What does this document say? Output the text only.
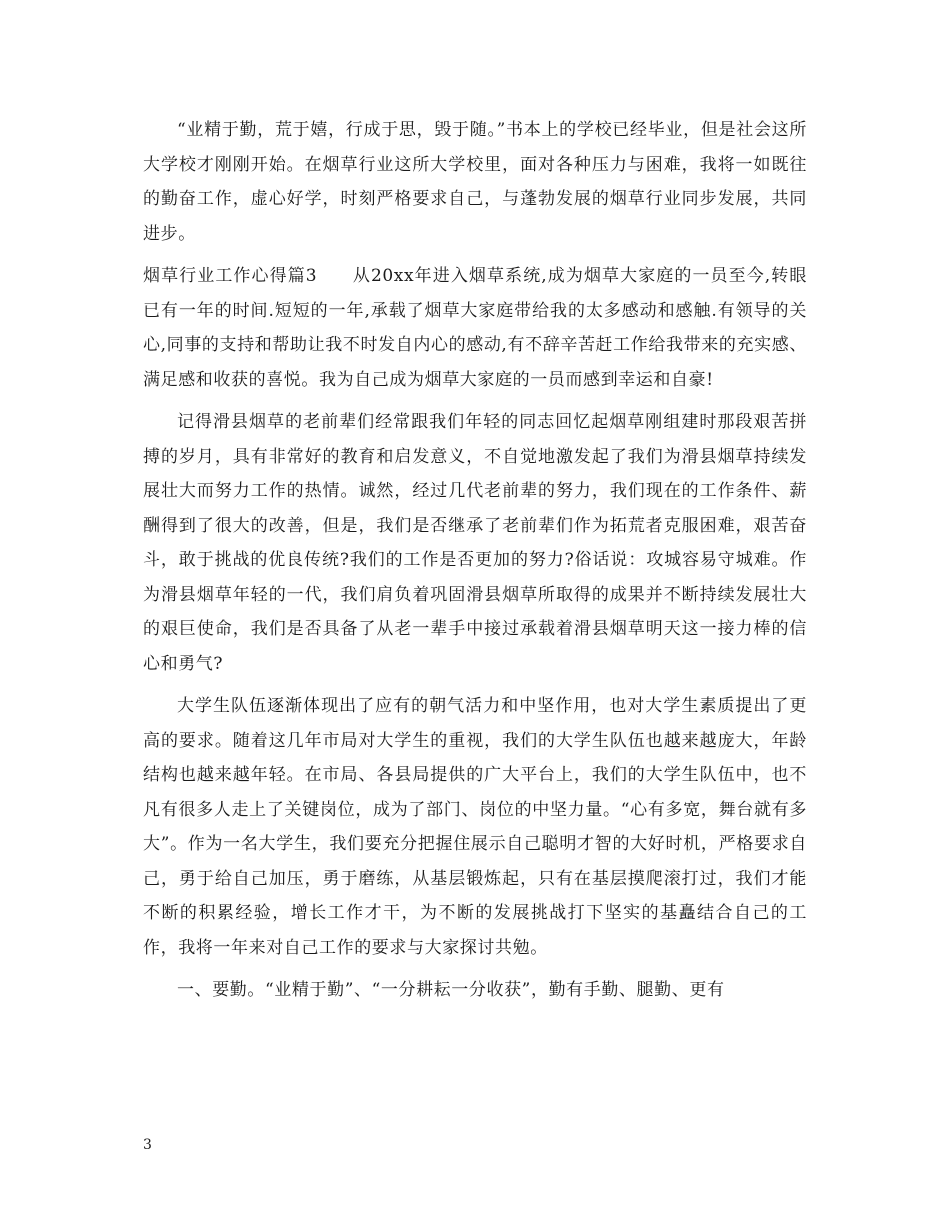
“业精于勤，荒于嬉，行成于思，毁于随。”书本上的学校已经毕业，但是社会这所大学校才刚刚开始。在烟草行业这所大学校里，面对各种压力与困难，我将一如既往的勤奋工作，虚心好学，时刻严格要求自己，与蓬勃发展的烟草行业同步发展，共同进步。

烟草行业工作心得篇3   从20xx年进入烟草系统,成为烟草大家庭的一员至今,转眼已有一年的时间.短短的一年,承载了烟草大家庭带给我的太多感动和感触.有领导的关心,同事的支持和帮助让我不时发自内心的感动,有不辞辛苦赶工作给我带来的充实感、满足感和收获的喜悦。我为自己成为烟草大家庭的一员而感到幸运和自豪!

记得滑县烟草的老前辈们经常跟我们年轻的同志回忆起烟草刚组建时那段艰苦拼搏的岁月，具有非常好的教育和启发意义，不自觉地激发起了我们为滑县烟草持续发展壮大而努力工作的热情。诚然，经过几代老前辈的努力，我们现在的工作条件、薪酬得到了很大的改善，但是，我们是否继承了老前辈们作为拓荒者克服困难，艰苦奋斗，敢于挑战的优良传统?我们的工作是否更加的努力?俗话说：攻城容易守城难。作为滑县烟草年轻的一代，我们肩负着巩固滑县烟草所取得的成果并不断持续发展壮大的艰巨使命，我们是否具备了从老一辈手中接过承载着滑县烟草明天这一接力棒的信心和勇气?

大学生队伍逐渐体现出了应有的朝气活力和中坚作用，也对大学生素质提出了更高的要求。随着这几年市局对大学生的重视，我们的大学生队伍也越来越庞大，年龄结构也越来越年轻。在市局、各县局提供的广大平台上，我们的大学生队伍中，也不凡有很多人走上了关键岗位，成为了部门、岗位的中坚力量。“心有多宽，舞台就有多大”。作为一名大学生，我们要充分把握住展示自己聪明才智的大好时机，严格要求自己，勇于给自己加压，勇于磨练，从基层锻炼起，只有在基层摸爬滚打过，我们才能不断的积累经验，增长工作才干，为不断的发展挑战打下坚实的基矗结合自己的工作，我将一年来对自己工作的要求与大家探讨共勉。

一、要勤。“业精于勤”、“一分耕耘一分收获”，勤有手勤、腿勤、更有

3
